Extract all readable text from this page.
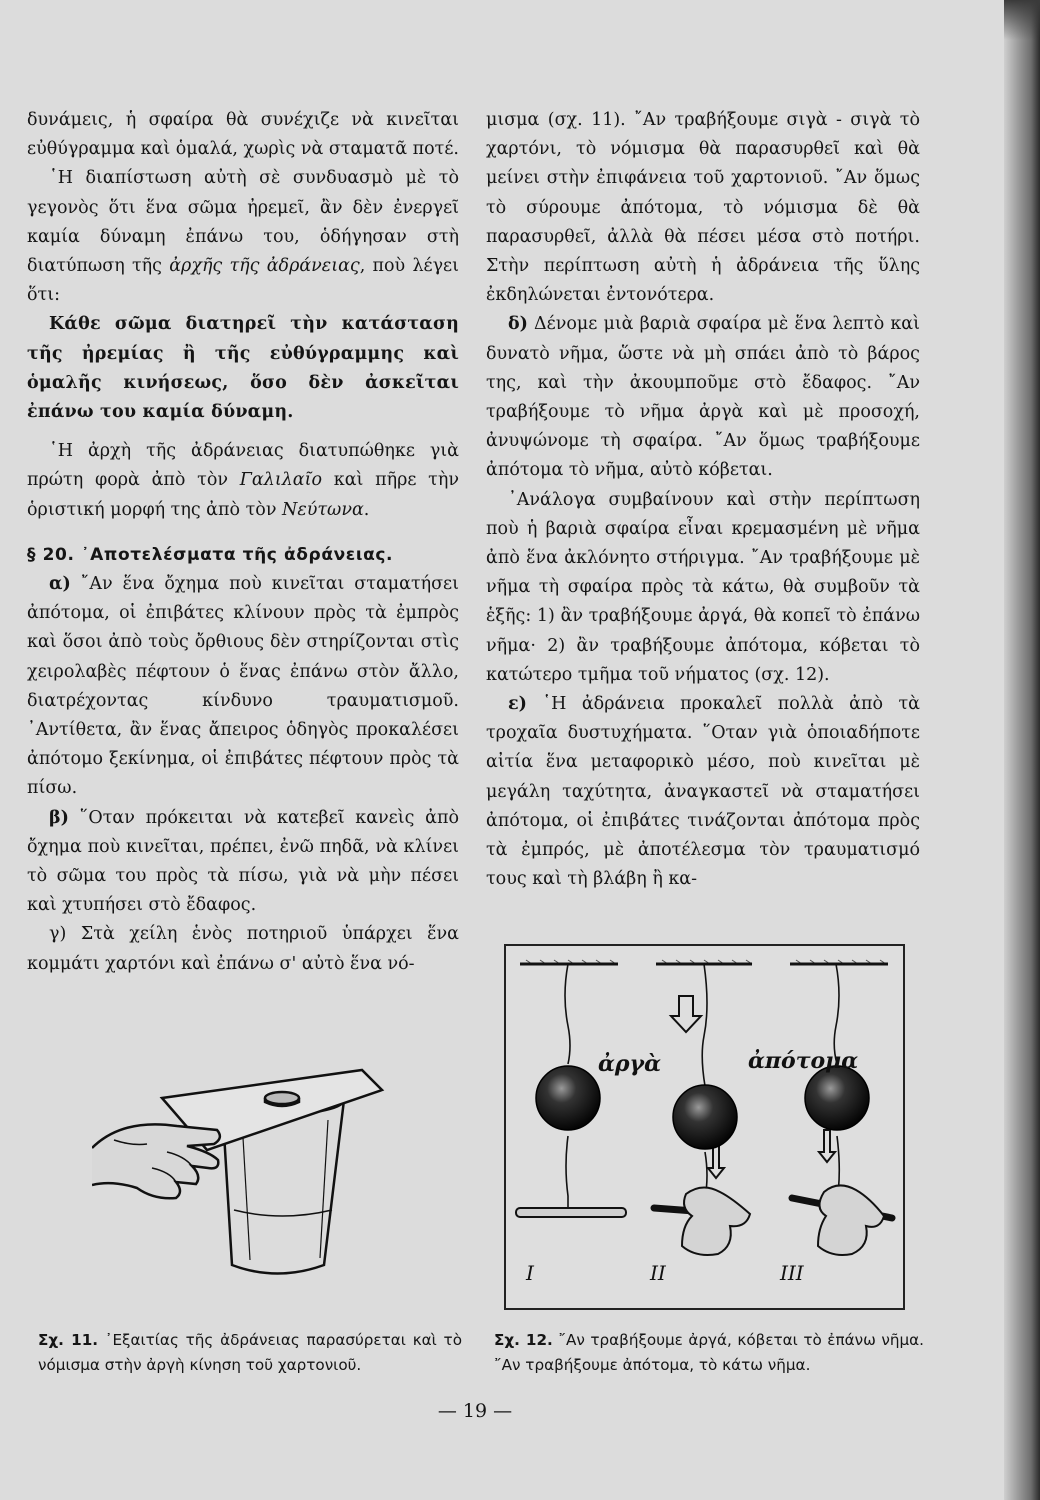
δυνάμεις, ἡ σφαίρα θὰ συνέχιζε νὰ κινεῖται εὐθύγραμμα καὶ ὁμαλά, χωρὶς νὰ σταματᾶ ποτέ.

῾Η διαπίστωση αὐτὴ σὲ συνδυασμὸ μὲ τὸ γεγονὸς ὅτι ἕνα σῶμα ἠρεμεῖ, ἂν δὲν ἐνεργεῖ καμία δύναμη ἐπάνω του, ὁδήγησαν στὴ διατύπωση τῆς ἀρχῆς τῆς ἀδράνειας, ποὺ λέγει ὅτι:

Κάθε σῶμα διατηρεῖ τὴν κατάσταση τῆς ἠρεμίας ἢ τῆς εὐθύγραμμης καὶ ὁμαλῆς κινήσεως, ὅσο δὲν ἀσκεῖται ἐπάνω του καμία δύναμη.

῾Η ἀρχὴ τῆς ἀδράνειας διατυπώθηκε γιὰ πρώτη φορὰ ἀπὸ τὸν Γαλιλαῖο καὶ πῆρε τὴν ὁριστική μορφή της ἀπὸ τὸν Νεύτωνα.

§ 20. ᾿Αποτελέσματα τῆς ἀδράνειας.

α) ῎Αν ἕνα ὄχημα ποὺ κινεῖται σταματήσει ἀπότομα, οἱ ἐπιβάτες κλίνουν πρὸς τὰ ἐμπρὸς καὶ ὅσοι ἀπὸ τοὺς ὄρθιους δὲν στηρίζονται στὶς χειρολαβὲς πέφτουν ὁ ἕνας ἐπάνω στὸν ἄλλο, διατρέχοντας κίνδυνο τραυματισμοῦ. ᾿Αντίθετα, ἂν ἕνας ἄπειρος ὁδηγὸς προκαλέσει ἀπότομο ξεκίνημα, οἱ ἐπιβάτες πέφτουν πρὸς τὰ πίσω.

β) ῞Οταν πρόκειται νὰ κατεβεῖ κανεὶς ἀπὸ ὄχημα ποὺ κινεῖται, πρέπει, ἐνῶ πηδᾶ, νὰ κλίνει τὸ σῶμα του πρὸς τὰ πίσω, γιὰ νὰ μὴν πέσει καὶ χτυπήσει στὸ ἔδαφος.

γ) Στὰ χείλη ἑνὸς ποτηριοῦ ὑπάρχει ἕνα κομμάτι χαρτόνι καὶ ἐπάνω σ' αὐτὸ ἕνα νό-

μισμα (σχ. 11). ῎Αν τραβήξουμε σιγὰ - σιγὰ τὸ χαρτόνι, τὸ νόμισμα θὰ παρασυρθεῖ καὶ θὰ μείνει στὴν ἐπιφάνεια τοῦ χαρτονιοῦ. ῎Αν ὅμως τὸ σύρουμε ἀπότομα, τὸ νόμισμα δὲ θὰ παρασυρθεῖ, ἀλλὰ θὰ πέσει μέσα στὸ ποτήρι. Στὴν περίπτωση αὐτὴ ἡ ἀδράνεια τῆς ὕλης ἐκδηλώνεται ἐντονότερα.

δ) Δένομε μιὰ βαριὰ σφαίρα μὲ ἕνα λεπτὸ καὶ δυνατὸ νῆμα, ὥστε νὰ μὴ σπάει ἀπὸ τὸ βάρος της, καὶ τὴν ἀκουμποῦμε στὸ ἔδαφος. ῎Αν τραβήξουμε τὸ νῆμα ἀργὰ καὶ μὲ προσοχή, ἀνυψώνομε τὴ σφαίρα. ῎Αν ὅμως τραβήξουμε ἀπότομα τὸ νῆμα, αὐτὸ κόβεται.

᾿Ανάλογα συμβαίνουν καὶ στὴν περίπτωση ποὺ ἡ βαριὰ σφαίρα εἶναι κρεμασμένη μὲ νῆμα ἀπὸ ἕνα ἀκλόνητο στήριγμα. ῎Αν τραβήξουμε μὲ νῆμα τὴ σφαίρα πρὸς τὰ κάτω, θὰ συμβοῦν τὰ ἑξῆς: 1) ἂν τραβήξουμε ἀργά, θὰ κοπεῖ τὸ ἐπάνω νῆμα· 2) ἂν τραβήξουμε ἀπότομα, κόβεται τὸ κατώτερο τμῆμα τοῦ νήματος (σχ. 12).

ε) ῾Η ἀδράνεια προκαλεῖ πολλὰ ἀπὸ τὰ τροχαῖα δυστυχήματα. ῞Οταν γιὰ ὁποιαδήποτε αἰτία ἕνα μεταφορικὸ μέσο, ποὺ κινεῖται μὲ μεγάλη ταχύτητα, ἀναγκαστεῖ νὰ σταματήσει ἀπότομα, οἱ ἐπιβάτες τινάζονται ἀπότομα πρὸς τὰ ἐμπρός, μὲ ἀποτέλεσμα τὸν τραυματισμό τους καὶ τὴ βλάβη ἢ κα-

ἀργὰ	ἀπότομα
I	II	III
Σχ. 11. ᾿Εξαιτίας τῆς ἀδράνειας παρασύρεται καὶ τὸ νόμισμα στὴν ἀργὴ κίνηση τοῦ χαρτονιοῦ.
Σχ. 12. ῎Αν τραβήξουμε ἀργά, κόβεται τὸ ἐπάνω νῆμα. ῎Αν τραβήξουμε ἀπότομα, τὸ κάτω νῆμα.
— 19 —
